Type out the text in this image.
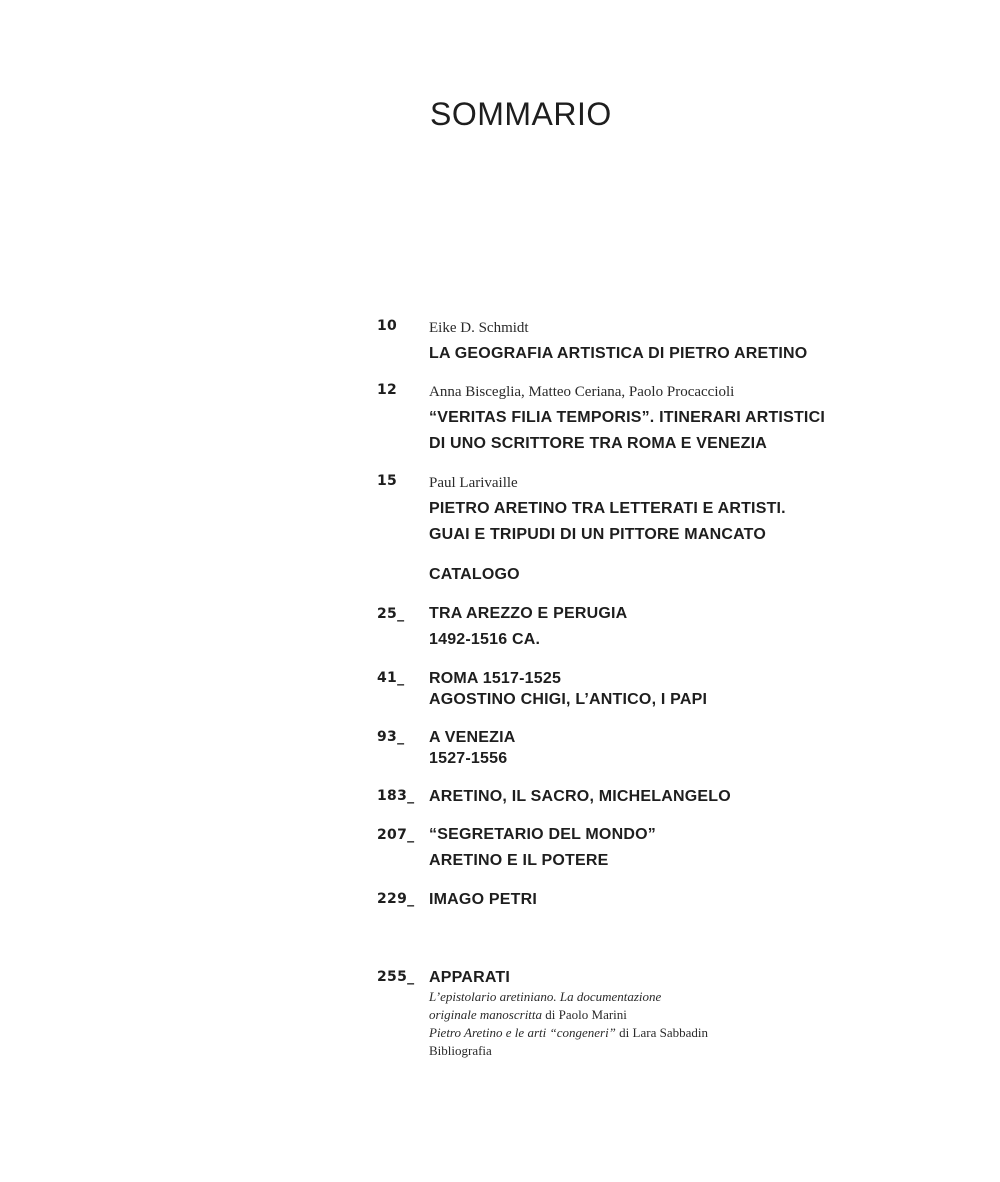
SOMMARIO
10 Eike D. Schmidt
LA GEOGRAFIA ARTISTICA DI PIETRO ARETINO
12 Anna Bisceglia, Matteo Ceriana, Paolo Procaccioli
“VERITAS FILIA TEMPORIS”. ITINERARI ARTISTICI
DI UNO SCRITTORE TRA ROMA E VENEZIA
15 Paul Larivaille
PIETRO ARETINO TRA LETTERATI E ARTISTI.
GUAI E TRIPUDI DI UN PITTORE MANCATO
CATALOGO
25_ TRA AREZZO E PERUGIA
1492-1516 CA.
41_ ROMA 1517-1525
AGOSTINO CHIGI, L’ANTICO, I PAPI
93_ A VENEZIA
1527-1556
183_ ARETINO, IL SACRO, MICHELANGELO
207_ “SEGRETARIO DEL MONDO”
ARETINO E IL POTERE
229_ IMAGO PETRI
255_ APPARATI
L’epistolario aretiniano. La documentazione
originale manoscritta di Paolo Marini
Pietro Aretino e le arti “congeneri” di Lara Sabbadin
Bibliografia
